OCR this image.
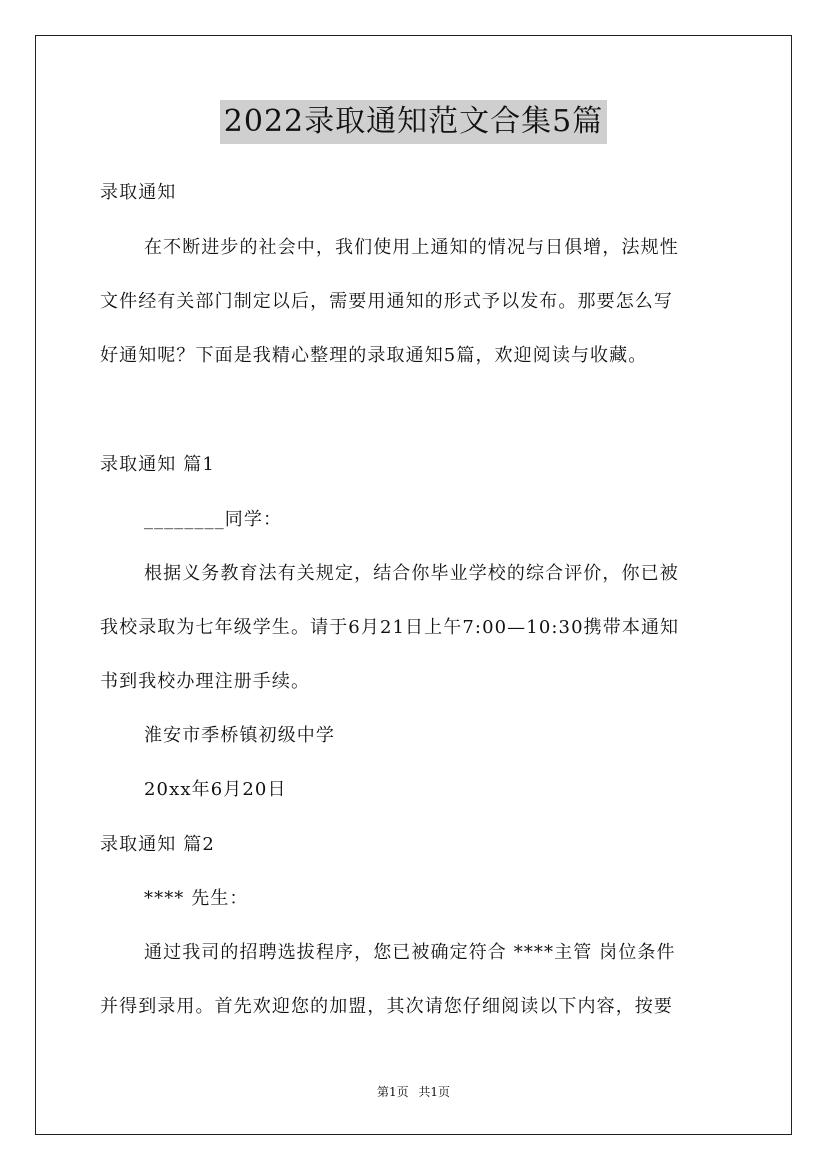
2022录取通知范文合集5篇
录取通知
在不断进步的社会中，我们使用上通知的情况与日俱增，法规性
文件经有关部门制定以后，需要用通知的形式予以发布。那要怎么写
好通知呢？下面是我精心整理的录取通知5篇，欢迎阅读与收藏。
录取通知 篇1
________同学：
根据义务教育法有关规定，结合你毕业学校的综合评价，你已被
我校录取为七年级学生。请于6月21日上午7:00—10:30携带本通知
书到我校办理注册手续。
淮安市季桥镇初级中学
20xx年6月20日
录取通知 篇2
**** 先生：
通过我司的招聘选拔程序，您已被确定符合 ****主管 岗位条件
并得到录用。首先欢迎您的加盟，其次请您仔细阅读以下内容，按要
第1页 共1页
